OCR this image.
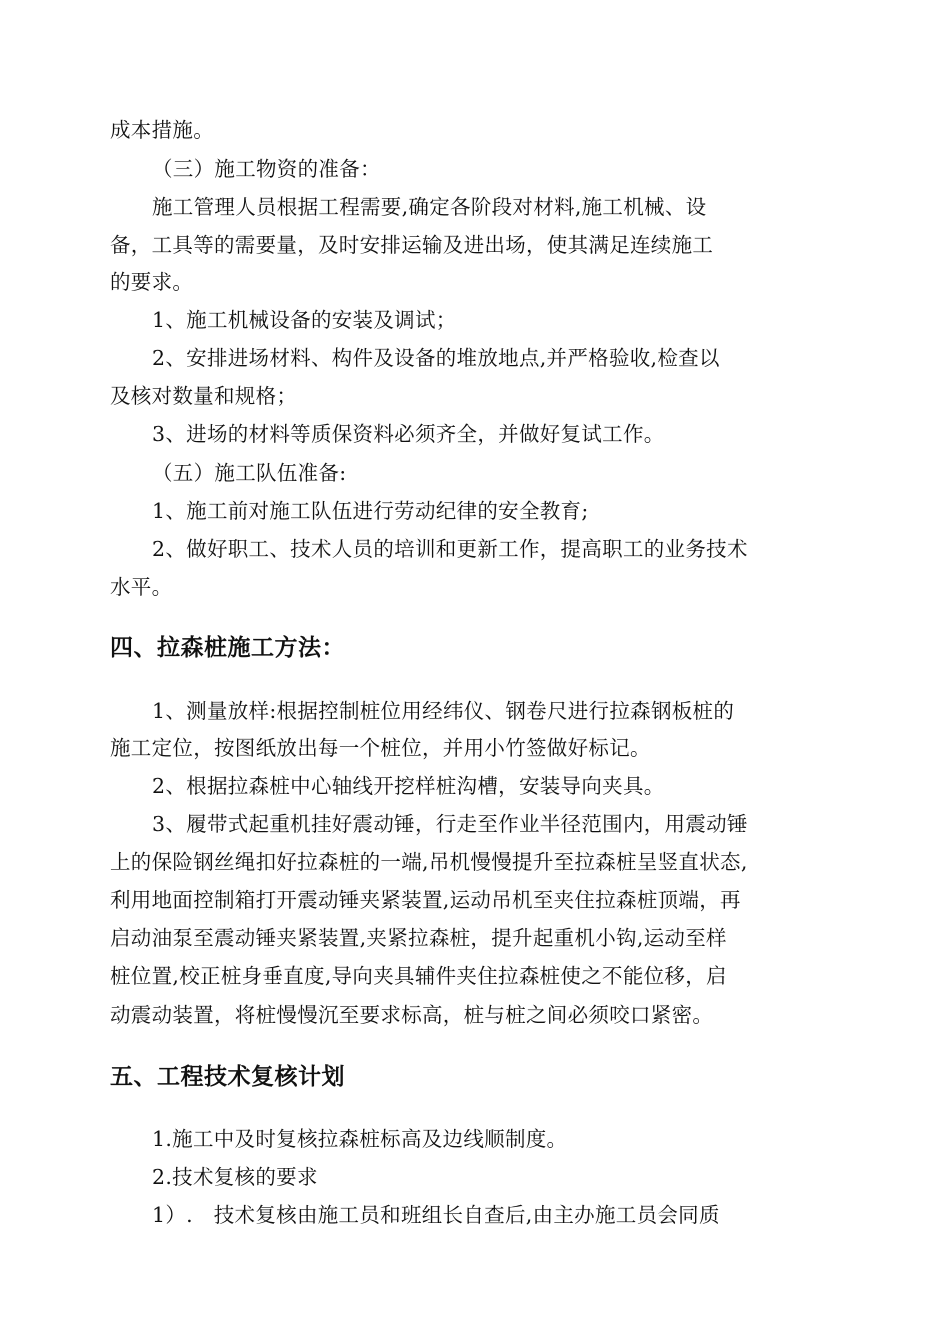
成本措施。
（三）施工物资的准备：
施工管理人员根据工程需要,确定各阶段对材料,施工机械、设
备，工具等的需要量，及时安排运输及进出场，使其满足连续施工
的要求。
1、施工机械设备的安装及调试；
2、安排进场材料、构件及设备的堆放地点,并严格验收,检查以
及核对数量和规格；
3、进场的材料等质保资料必须齐全，并做好复试工作。
（五）施工队伍准备:
1、施工前对施工队伍进行劳动纪律的安全教育;
2、做好职工、技术人员的培训和更新工作，提高职工的业务技术
水平。
四、拉森桩施工方法：
1、测量放样:根据控制桩位用经纬仪、钢卷尺进行拉森钢板桩的
施工定位，按图纸放出每一个桩位，并用小竹签做好标记。
2、根据拉森桩中心轴线开挖样桩沟槽，安装导向夹具。
3、履带式起重机挂好震动锤，行走至作业半径范围内，用震动锤
上的保险钢丝绳扣好拉森桩的一端,吊机慢慢提升至拉森桩呈竖直状态,
利用地面控制箱打开震动锤夹紧装置,运动吊机至夹住拉森桩顶端，再
启动油泵至震动锤夹紧装置,夹紧拉森桩，提升起重机小钩,运动至样
桩位置,校正桩身垂直度,导向夹具辅件夹住拉森桩使之不能位移，启
动震动装置，将桩慢慢沉至要求标高，桩与桩之间必须咬口紧密。
五、工程技术复核计划
1.施工中及时复核拉森桩标高及边线顺制度。
2.技术复核的要求
1）.　技术复核由施工员和班组长自查后,由主办施工员会同质
